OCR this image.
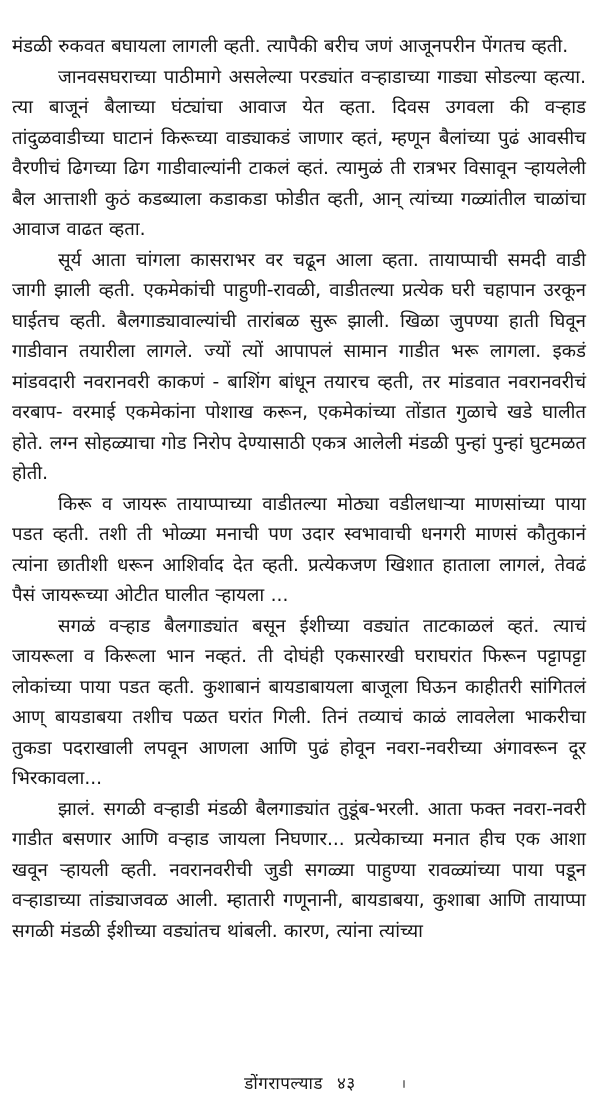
मंडळी रुकवत बघायला लागली व्हती. त्यापैकी बरीच जणं आजूनपरीन पेंगतच व्हती.

जानवसघराच्या पाठीमागे असलेल्या परड्यांत वऱ्हाडाच्या गाड्या सोडल्या व्हत्या. त्या बाजूनं बैलाच्या घंट्यांचा आवाज येत व्हता. दिवस उगवला की वऱ्हाड तांदुळवाडीच्या घाटानं किरूच्या वाड्याकडं जाणार व्हतं, म्हणून बैलांच्या पुढं आवसीच वैरणीचं ढिगच्या ढिग गाडीवाल्यांनी टाकलं व्हतं. त्यामुळं ती रात्रभर विसावून ऱ्हायलेली बैल आत्ताशी कुठं कडब्याला कडाकडा फोडीत व्हती, आन् त्यांच्या गळ्यांतील चाळांचा आवाज वाढत व्हता.

सूर्य आता चांगला कासराभर वर चढून आला व्हता. तायाप्पाची समदी वाडी जागी झाली व्हती. एकमेकांची पाहुणी-रावळी, वाडीतल्या प्रत्येक घरी चहापान उरकून घाईतच व्हती. बैलगाड्यावाल्यांची तारांबळ सुरू झाली. खिळा जुपण्या हाती घिवून गाडीवान तयारीला लागले. ज्यों त्यों आपापलं सामान गाडीत भरू लागला. इकडं मांडवदारी नवरानवरी काकणं - बाशिंग बांधून तयारच व्हती, तर मांडवात नवरानवरीचं वरबाप- वरमाई एकमेकांना पोशाख करून, एकमेकांच्या तोंडात गुळाचे खडे घालीत होते. लग्न सोहळ्याचा गोड निरोप देण्यासाठी एकत्र आलेली मंडळी पुन्हां पुन्हां घुटमळत होती.

किरू व जायरू तायाप्पाच्या वाडीतल्या मोठ्या वडीलधाऱ्या माणसांच्या पाया पडत व्हती. तशी ती भोळ्या मनाची पण उदार स्वभावाची धनगरी माणसं कौतुकानं त्यांना छातीशी धरून आशिर्वाद देत व्हती. प्रत्येकजण खिशात हाताला लागलं, तेवढं पैसं जायरूच्या ओटीत घालीत ऱ्हायला ...

सगळं वऱ्हाड बैलगाड्यांत बसून ईशीच्या वड्यांत ताटकाळलं व्हतं. त्याचं जायरूला व किरूला भान नव्हतं. ती दोघंही एकसारखी घराघरांत फिरून पट्टापट्टा लोकांच्या पाया पडत व्हती. कुशाबानं बायडाबायला बाजूला घिऊन काहीतरी सांगितलं आण् बायडाबया तशीच पळत घरांत गिली. तिनं तव्याचं काळं लावलेला भाकरीचा तुकडा पदराखाली लपवून आणला आणि पुढं होवून नवरा-नवरीच्या अंगावरून दूर भिरकावला...

झालं. सगळी वऱ्हाडी मंडळी बैलगाड्यांत तुडूंब-भरली. आता फक्त नवरा-नवरी गाडीत बसणार आणि वऱ्हाड जायला निघणार... प्रत्येकाच्या मनात हीच एक आशा खवून ऱ्हायली व्हती. नवरानवरीची जुडी सगळ्या पाहुण्या रावळ्यांच्या पाया पडून वऱ्हाडाच्या तांड्याजवळ आली. म्हातारी गणूनानी, बायडाबया, कुशाबा आणि तायाप्पा सगळी मंडळी ईशीच्या वड्यांतच थांबली. कारण, त्यांना त्यांच्या

डोंगरापल्याड ४३
